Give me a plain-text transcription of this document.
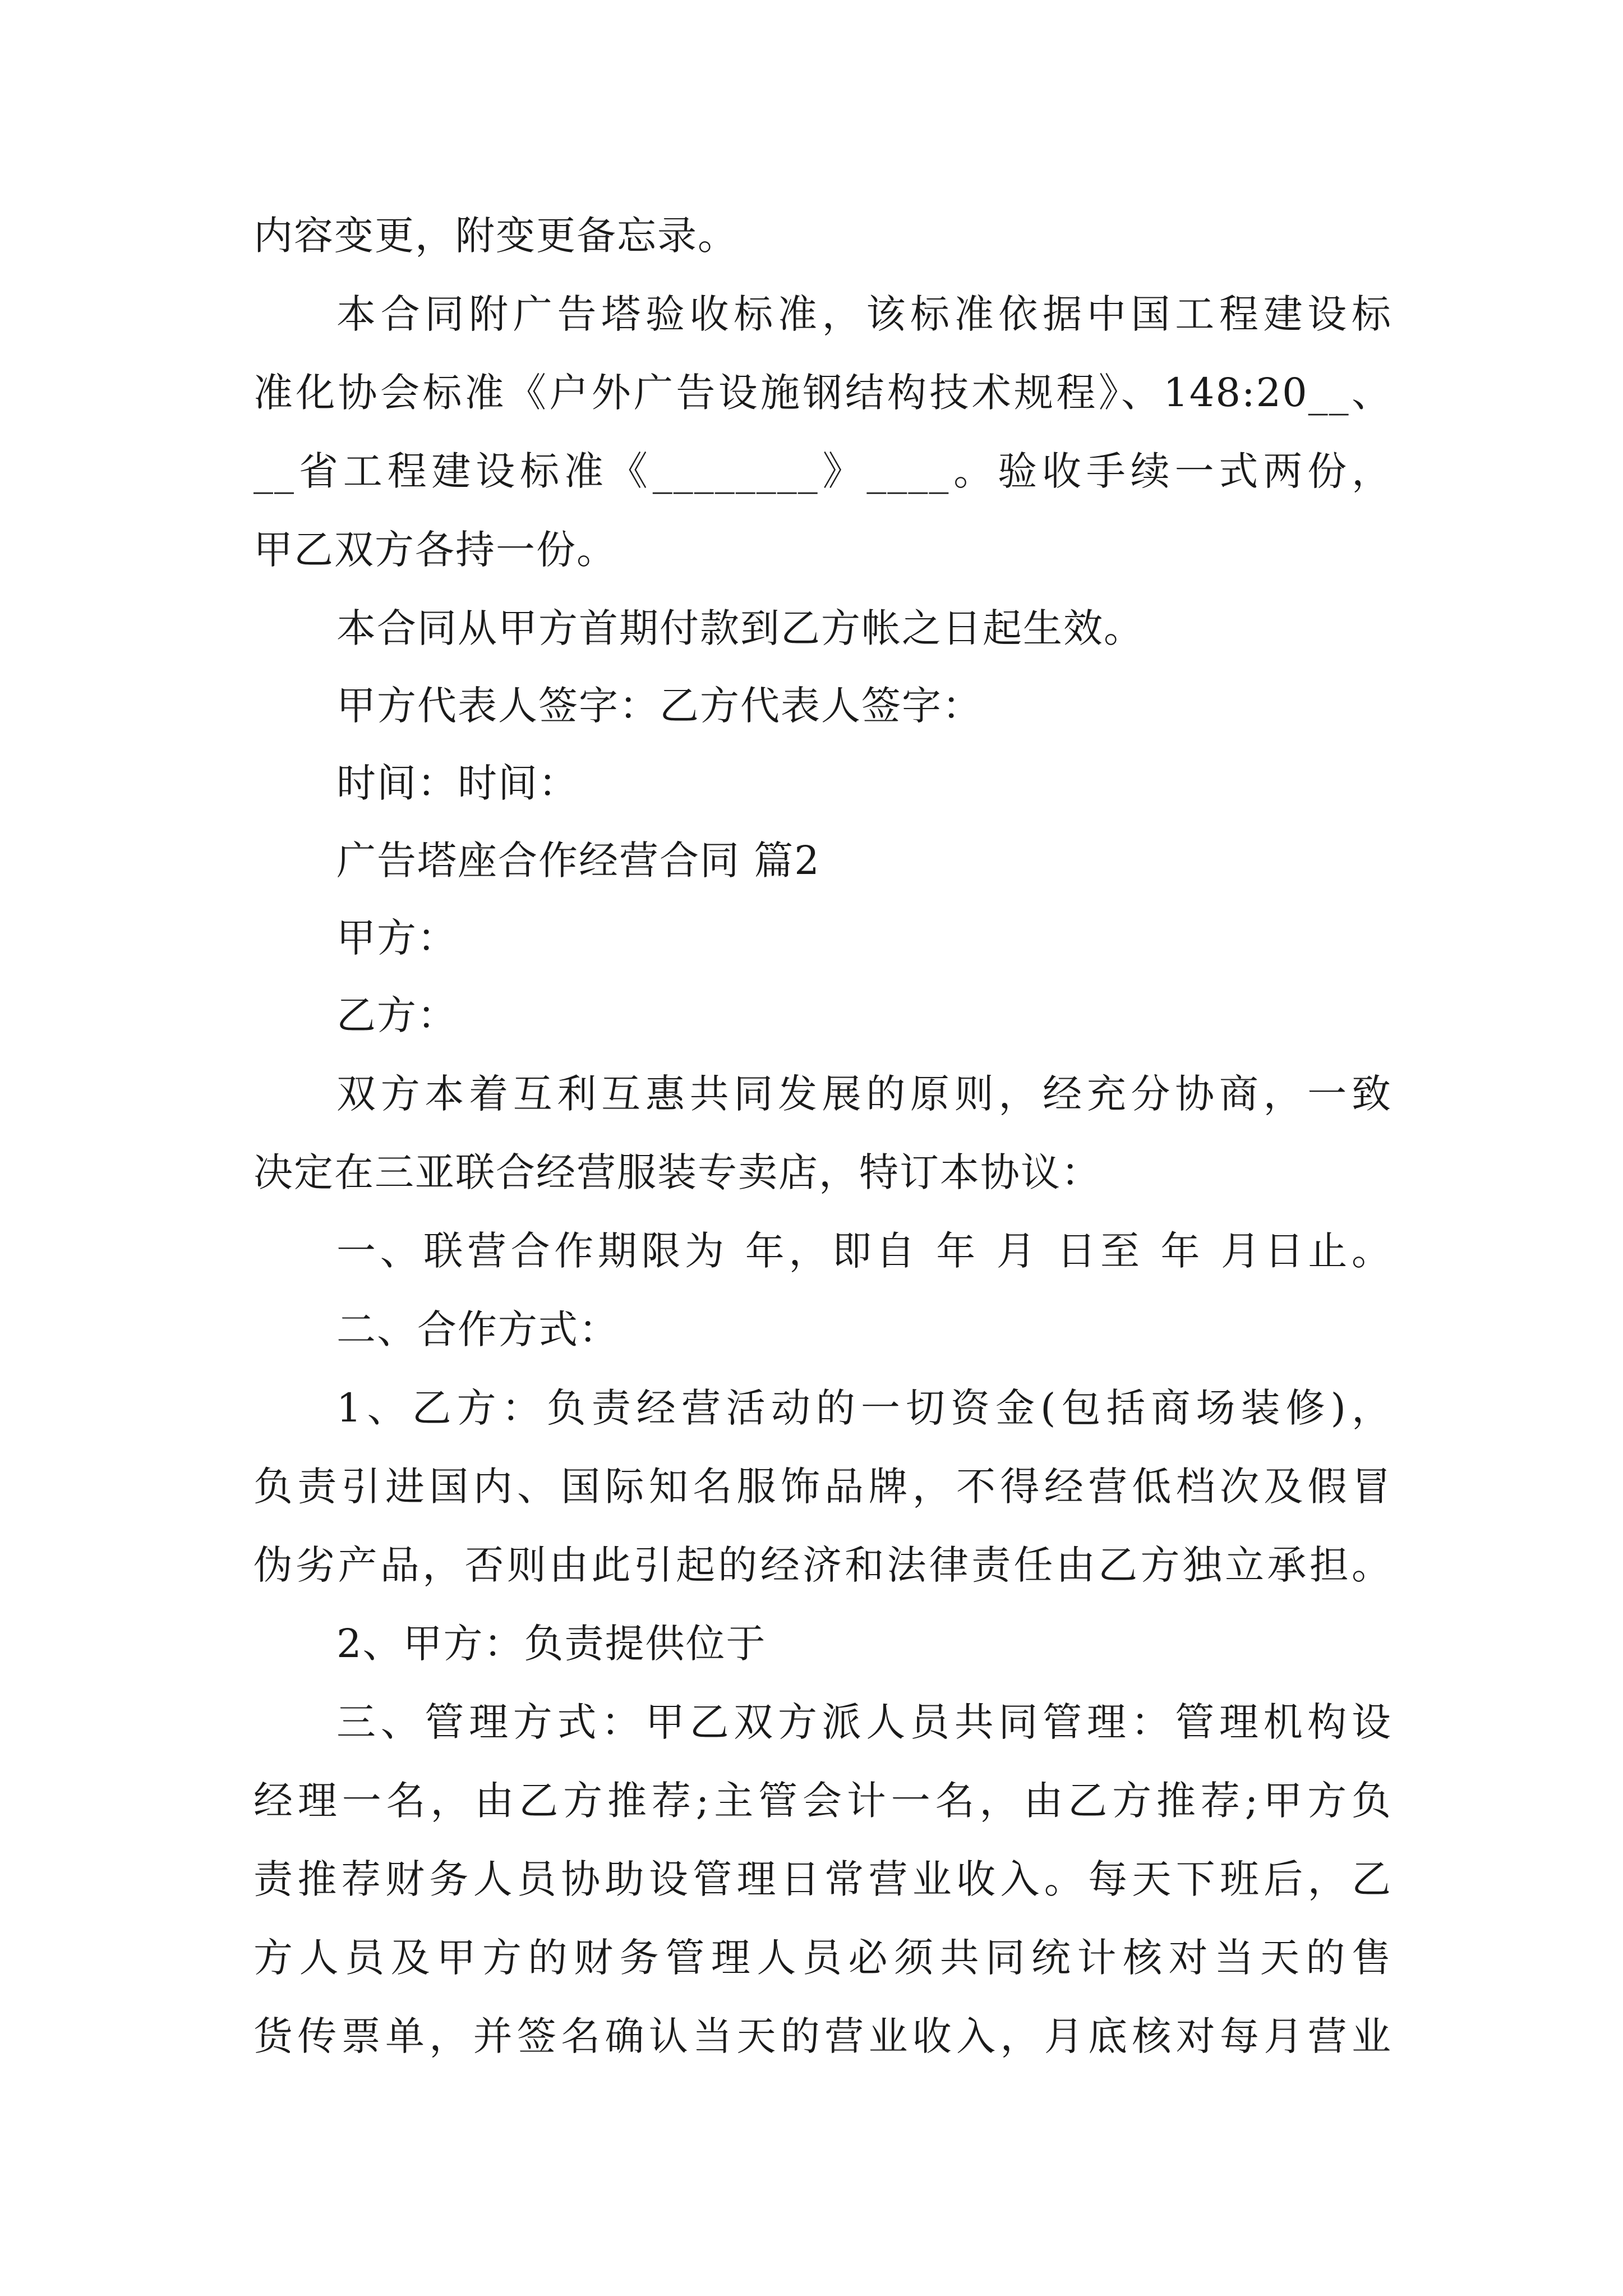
内容变更，附变更备忘录。
本合同附广告塔验收标准，该标准依据中国工程建设标
准化协会标准《户外广告设施钢结构技术规程》、148:20__、
__省工程建设标准《________》____。验收手续一式两份，
甲乙双方各持一份。
本合同从甲方首期付款到乙方帐之日起生效。
甲方代表人签字：乙方代表人签字：
时间：时间：
广告塔座合作经营合同 篇2
甲方：
乙方：
双方本着互利互惠共同发展的原则，经充分协商，一致
决定在三亚联合经营服装专卖店，特订本协议：
一、联营合作期限为 年，即自 年 月 日至 年 月日止。
二、合作方式：
1、乙方：负责经营活动的一切资金(包括商场装修)，
负责引进国内、国际知名服饰品牌，不得经营低档次及假冒
伪劣产品，否则由此引起的经济和法律责任由乙方独立承担。
2、甲方：负责提供位于
三、管理方式：甲乙双方派人员共同管理：管理机构设
经理一名，由乙方推荐;主管会计一名，由乙方推荐;甲方负
责推荐财务人员协助设管理日常营业收入。每天下班后，乙
方人员及甲方的财务管理人员必须共同统计核对当天的售
货传票单，并签名确认当天的营业收入，月底核对每月营业
